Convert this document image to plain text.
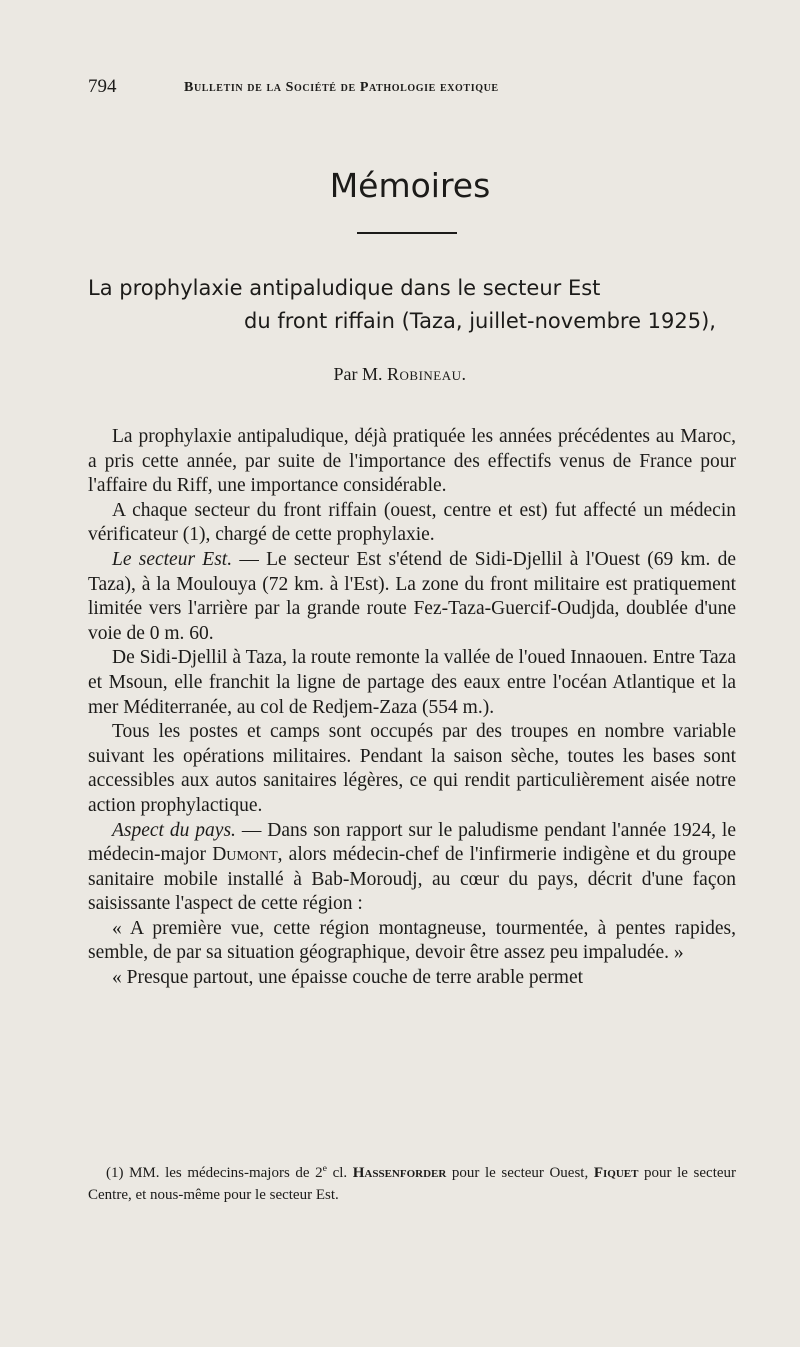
794	Bulletin de la Société de Pathologie exotique
Mémoires
La prophylaxie antipaludique dans le secteur Est
du front riffain (Taza, juillet-novembre 1925),
Par M. Robineau.

La prophylaxie antipaludique, déjà pratiquée les années précédentes au Maroc, a pris cette année, par suite de l'importance des effectifs venus de France pour l'affaire du Riff, une importance considérable.

A chaque secteur du front riffain (ouest, centre et est) fut affecté un médecin vérificateur (1), chargé de cette prophylaxie.

Le secteur Est. — Le secteur Est s'étend de Sidi-Djellil à l'Ouest (69 km. de Taza), à la Moulouya (72 km. à l'Est). La zone du front militaire est pratiquement limitée vers l'arrière par la grande route Fez-Taza-Guercif-Oudjda, doublée d'une voie de 0 m. 60.

De Sidi-Djellil à Taza, la route remonte la vallée de l'oued Innaouen. Entre Taza et Msoun, elle franchit la ligne de partage des eaux entre l'océan Atlantique et la mer Méditerranée, au col de Redjem-Zaza (554 m.).

Tous les postes et camps sont occupés par des troupes en nombre variable suivant les opérations militaires. Pendant la saison sèche, toutes les bases sont accessibles aux autos sanitaires légères, ce qui rendit particulièrement aisée notre action prophylactique.

Aspect du pays. — Dans son rapport sur le paludisme pendant l'année 1924, le médecin-major Dumont, alors médecin-chef de l'infirmerie indigène et du groupe sanitaire mobile installé à Bab-Moroudj, au cœur du pays, décrit d'une façon saisissante l'aspect de cette région :

« A première vue, cette région montagneuse, tourmentée, à pentes rapides, semble, de par sa situation géographique, devoir être assez peu impaludée. »

« Presque partout, une épaisse couche de terre arable permet

(1) MM. les médecins-majors de 2e cl. Hassenforder pour le secteur Ouest, Fiquet pour le secteur Centre, et nous-même pour le secteur Est.
